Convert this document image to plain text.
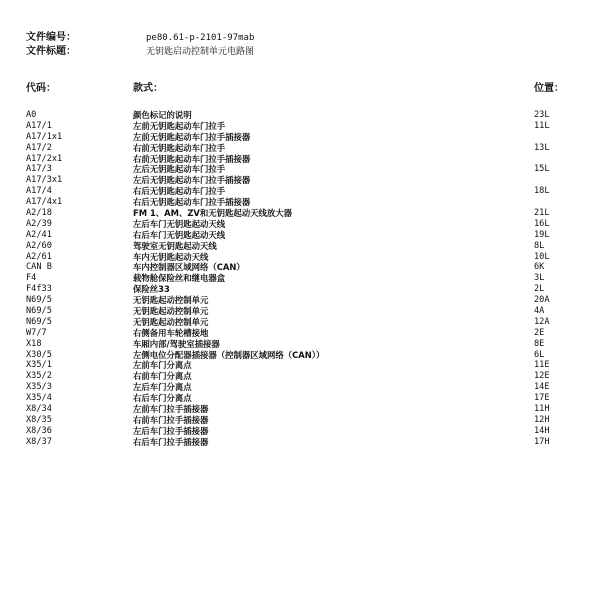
文件编号：	pe80.61-p-2101-97mab
文件标题：	无钥匙启动控制单元电路图
代码：	款式：	位置：
A0	颜色标记的说明	23L
A17/1	左前无钥匙起动车门拉手	11L
A17/1x1	左前无钥匙起动车门拉手插接器
A17/2	右前无钥匙起动车门拉手	13L
A17/2x1	右前无钥匙起动车门拉手插接器
A17/3	左后无钥匙起动车门拉手	15L
A17/3x1	左后无钥匙起动车门拉手插接器
A17/4	右后无钥匙起动车门拉手	18L
A17/4x1	右后无钥匙起动车门拉手插接器
A2/18	FM 1、AM、ZV和无钥匙起动天线放大器	21L
A2/39	左后车门无钥匙起动天线	16L
A2/41	右后车门无钥匙起动天线	19L
A2/60	驾驶室无钥匙起动天线	8L
A2/61	车内无钥匙起动天线	10L
CAN B	车内控制器区域网络（CAN）	6K
F4	载物舱保险丝和继电器盒	3L
F4f33	保险丝33	2L
N69/5	无钥匙起动控制单元	20A
N69/5	无钥匙起动控制单元	4A
N69/5	无钥匙起动控制单元	12A
W7/7	右侧备用车轮槽接地	2E
X18	车厢内部/驾驶室插接器	8E
X30/5	左侧电位分配器插接器（控制器区域网络（CAN））	6L
X35/1	左前车门分离点	11E
X35/2	右前车门分离点	12E
X35/3	左后车门分离点	14E
X35/4	右后车门分离点	17E
X8/34	左前车门拉手插接器	11H
X8/35	右前车门拉手插接器	12H
X8/36	左后车门拉手插接器	14H
X8/37	右后车门拉手插接器	17H
